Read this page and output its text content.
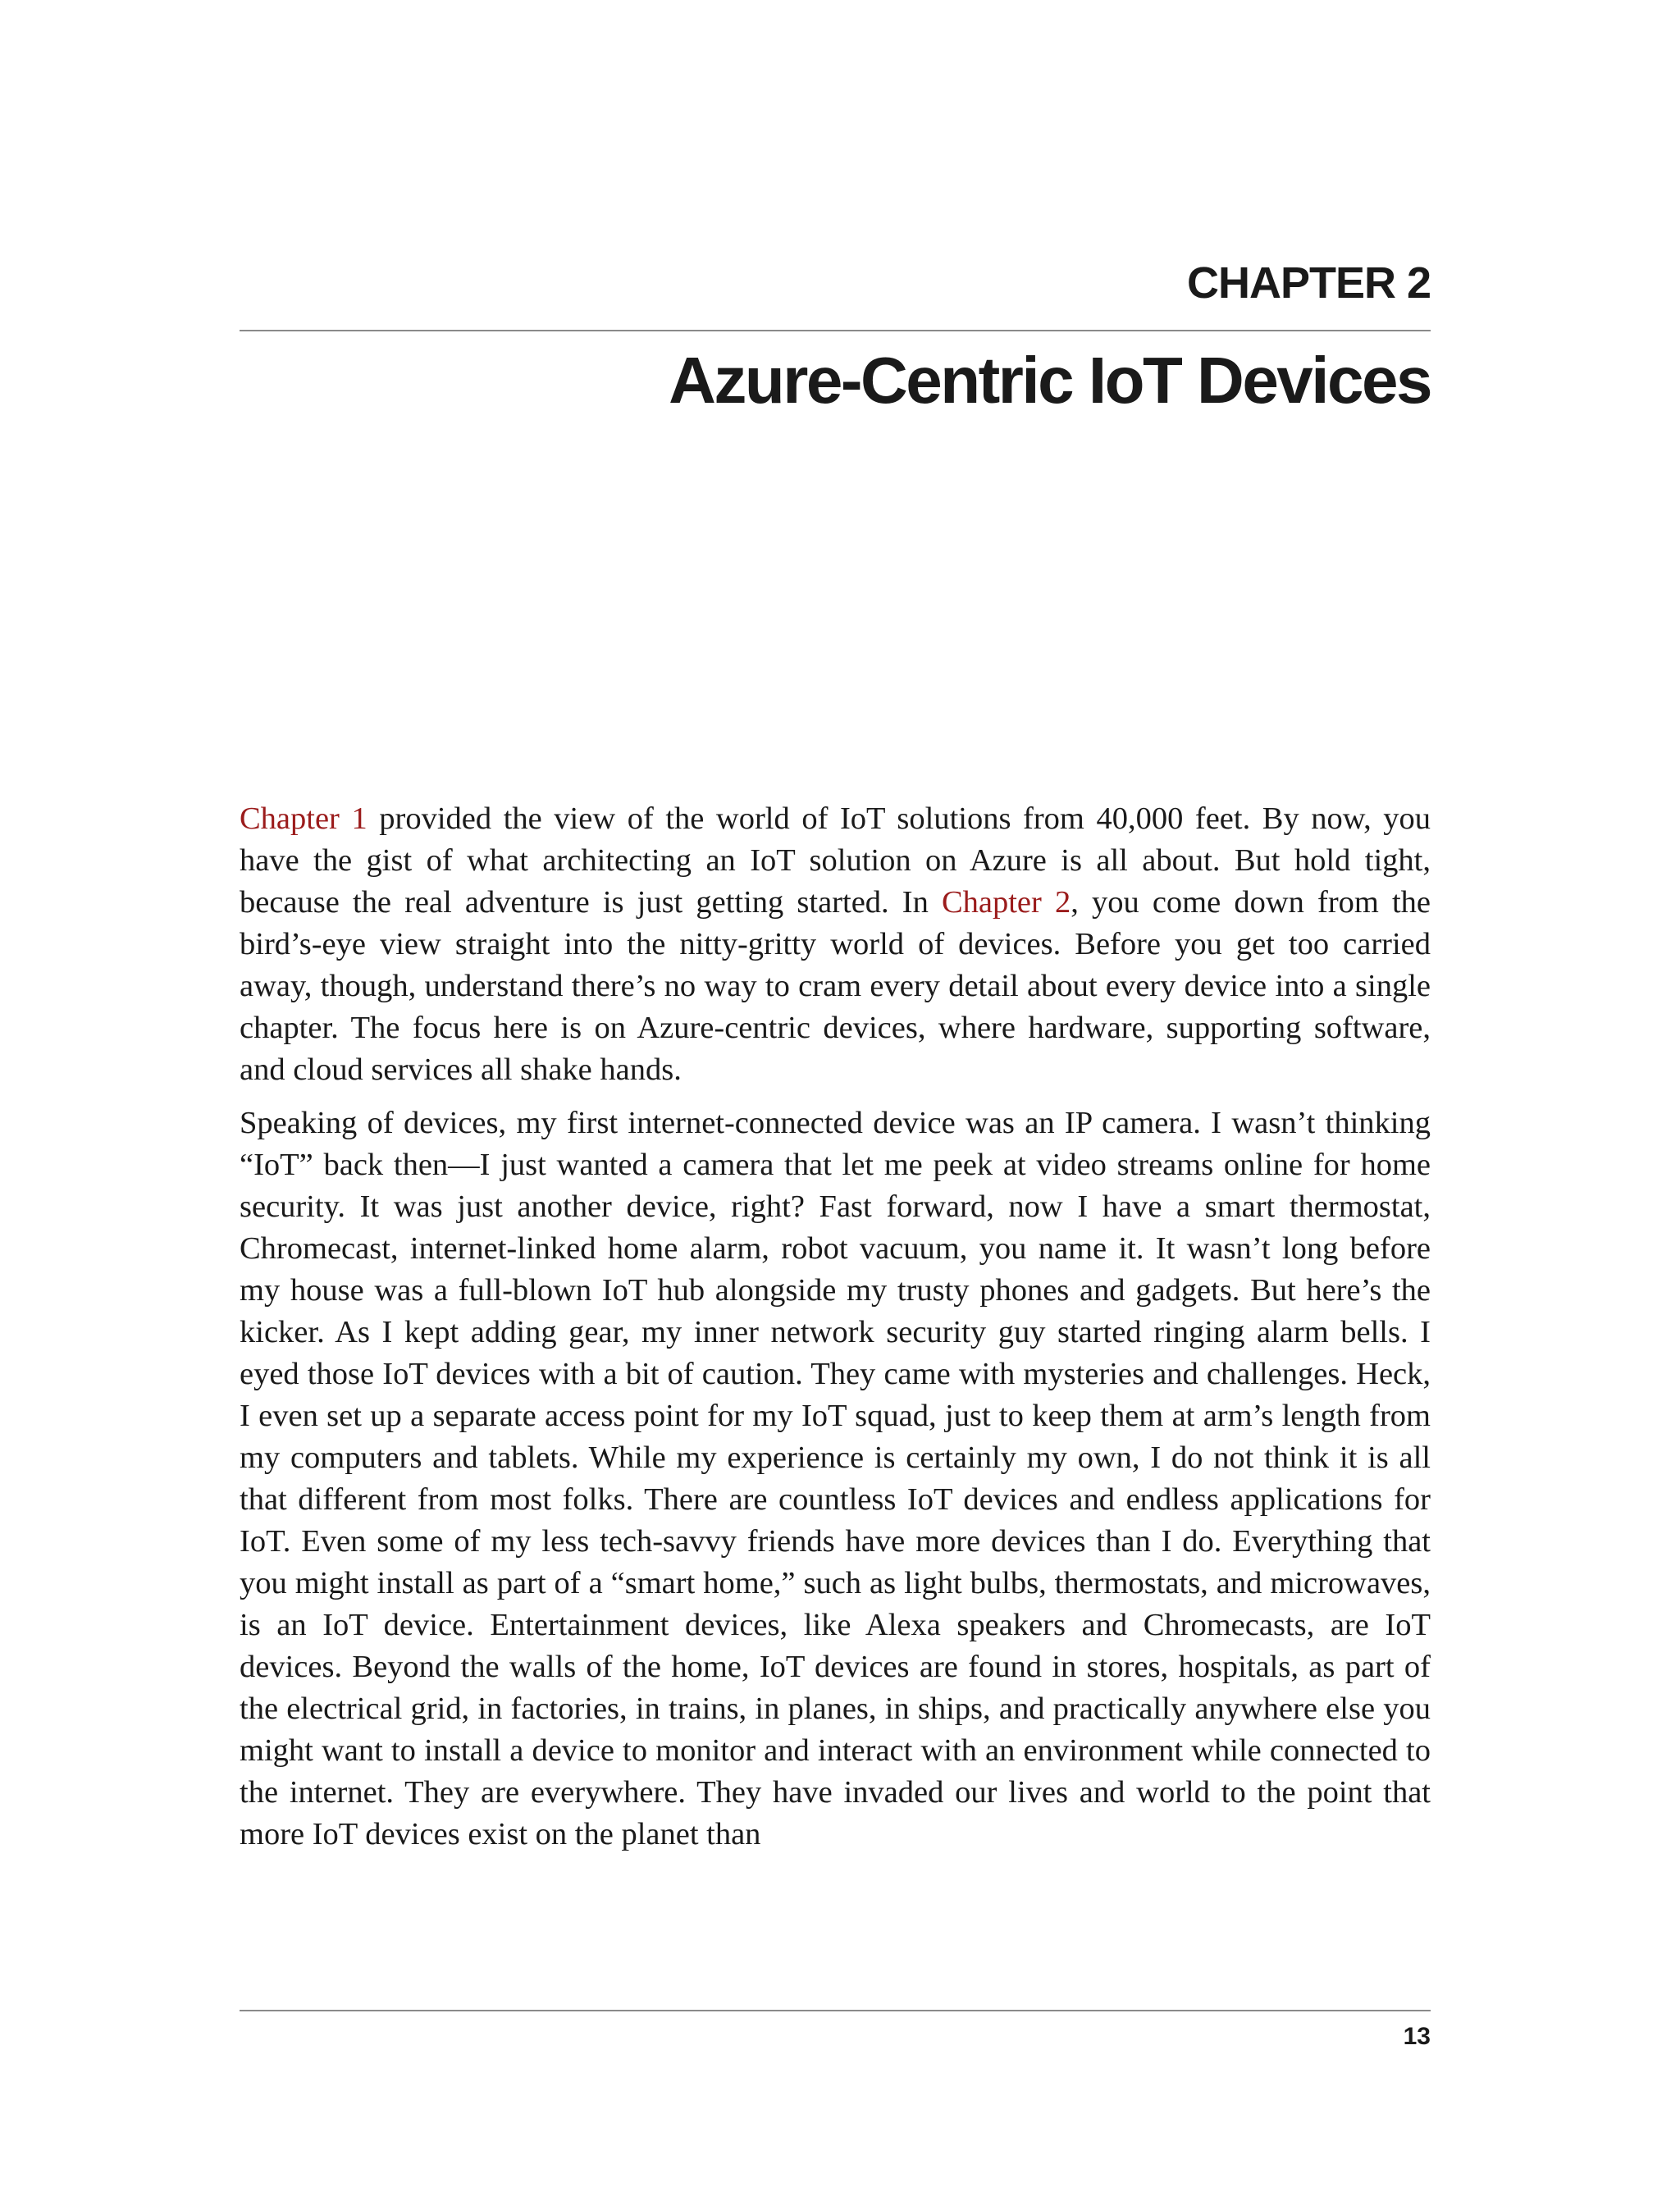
CHAPTER 2
Azure-Centric IoT Devices

Chapter 1 provided the view of the world of IoT solutions from 40,000 feet. By now, you have the gist of what architecting an IoT solution on Azure is all about. But hold tight, because the real adventure is just getting started. In Chapter 2, you come down from the bird’s-eye view straight into the nitty-gritty world of devices. Before you get too carried away, though, understand there’s no way to cram every detail about every device into a single chapter. The focus here is on Azure-centric devices, where hardware, supporting software, and cloud services all shake hands.

Speaking of devices, my first internet-connected device was an IP camera. I wasn’t thinking “IoT” back then—I just wanted a camera that let me peek at video streams online for home security. It was just another device, right? Fast forward, now I have a smart thermostat, Chromecast, internet-linked home alarm, robot vacuum, you name it. It wasn’t long before my house was a full-blown IoT hub alongside my trusty phones and gadgets. But here’s the kicker. As I kept adding gear, my inner network security guy started ringing alarm bells. I eyed those IoT devices with a bit of caution. They came with mysteries and challenges. Heck, I even set up a separate access point for my IoT squad, just to keep them at arm’s length from my computers and tablets. While my experience is certainly my own, I do not think it is all that different from most folks. There are countless IoT devices and endless applications for IoT. Even some of my less tech-savvy friends have more devices than I do. Everything that you might install as part of a “smart home,” such as light bulbs, thermostats, and microwaves, is an IoT device. Entertainment devices, like Alexa speakers and Chromecasts, are IoT devices. Beyond the walls of the home, IoT devices are found in stores, hospitals, as part of the electrical grid, in factories, in trains, in planes, in ships, and practically anywhere else you might want to install a device to monitor and interact with an environment while connected to the internet. They are everywhere. They have invaded our lives and world to the point that more IoT devices exist on the planet than

13
